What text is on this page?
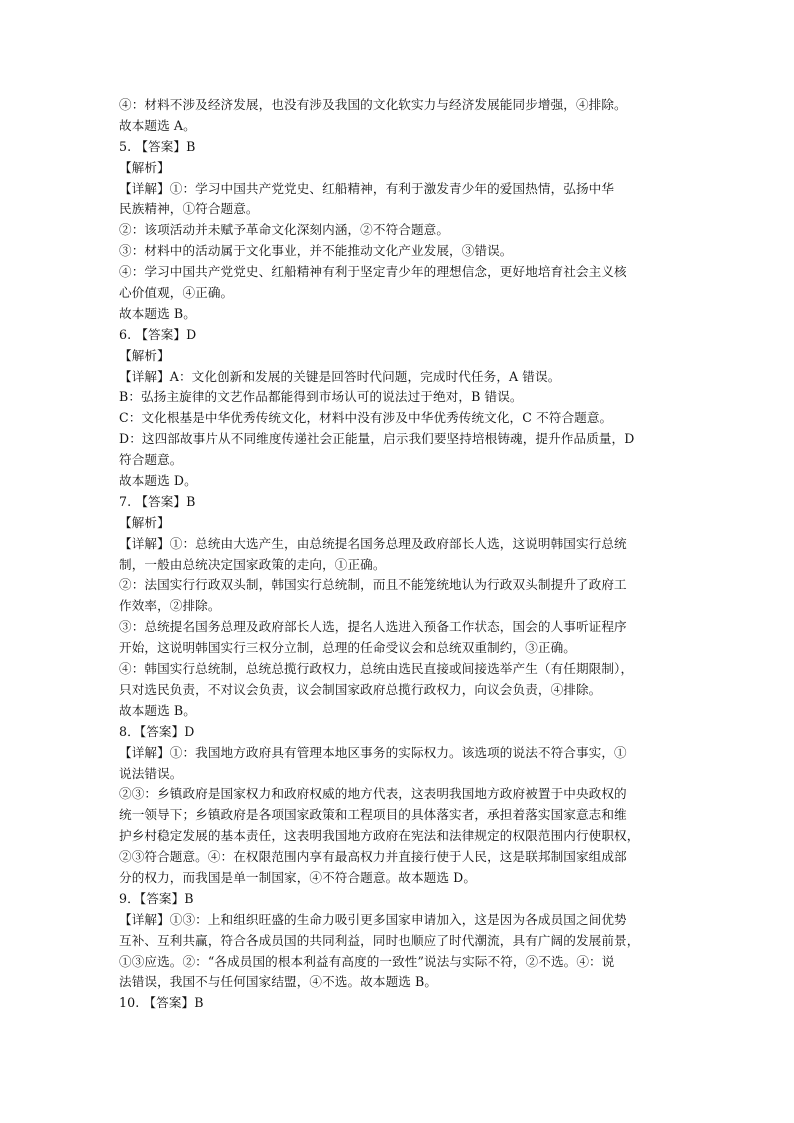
④：材料不涉及经济发展，也没有涉及我国的文化软实力与经济发展能同步增强，④排除。
故本题选 A。
5. 【答案】B
【解析】
【详解】①：学习中国共产党党史、红船精神，有利于激发青少年的爱国热情，弘扬中华
民族精神，①符合题意。
②：该项活动并未赋予革命文化深刻内涵，②不符合题意。
③：材料中的活动属于文化事业，并不能推动文化产业发展，③错误。
④：学习中国共产党党史、红船精神有利于坚定青少年的理想信念，更好地培育社会主义核
心价值观，④正确。
故本题选 B。
6. 【答案】D
【解析】
【详解】A：文化创新和发展的关键是回答时代问题，完成时代任务，A 错误。
B：弘扬主旋律的文艺作品都能得到市场认可的说法过于绝对，B 错误。
C：文化根基是中华优秀传统文化，材料中没有涉及中华优秀传统文化，C 不符合题意。
D：这四部故事片从不同维度传递社会正能量，启示我们要坚持培根铸魂，提升作品质量，D
符合题意。
故本题选 D。
7. 【答案】B
【解析】
【详解】①：总统由大选产生，由总统提名国务总理及政府部长人选，这说明韩国实行总统
制，一般由总统决定国家政策的走向，①正确。
②：法国实行行政双头制，韩国实行总统制，而且不能笼统地认为行政双头制提升了政府工
作效率，②排除。
③：总统提名国务总理及政府部长人选，提名人选进入预备工作状态，国会的人事听证程序
开始，这说明韩国实行三权分立制，总理的任命受议会和总统双重制约，③正确。
④：韩国实行总统制，总统总揽行政权力，总统由选民直接或间接选举产生（有任期限制），
只对选民负责，不对议会负责，议会制国家政府总揽行政权力，向议会负责，④排除。
故本题选 B。
8．【答案】D
【详解】①：我国地方政府具有管理本地区事务的实际权力。该选项的说法不符合事实，①
说法错误。
②③：乡镇政府是国家权力和政府权威的地方代表，这表明我国地方政府被置于中央政权的
统一领导下；乡镇政府是各项国家政策和工程项目的具体落实者，承担着落实国家意志和维
护乡村稳定发展的基本责任，这表明我国地方政府在宪法和法律规定的权限范围内行使职权，
②③符合题意。④：在权限范围内享有最高权力并直接行使于人民，这是联邦制国家组成部
分的权力，而我国是单一制国家，④不符合题意。故本题选 D。
9．【答案】B
【详解】①③：上和组织旺盛的生命力吸引更多国家申请加入，这是因为各成员国之间优势
互补、互利共赢，符合各成员国的共同利益，同时也顺应了时代潮流，具有广阔的发展前景，
①③应选。②：“各成员国的根本利益有高度的一致性”说法与实际不符，②不选。④：说
法错误，我国不与任何国家结盟，④不选。故本题选 B。
10. 【答案】B
